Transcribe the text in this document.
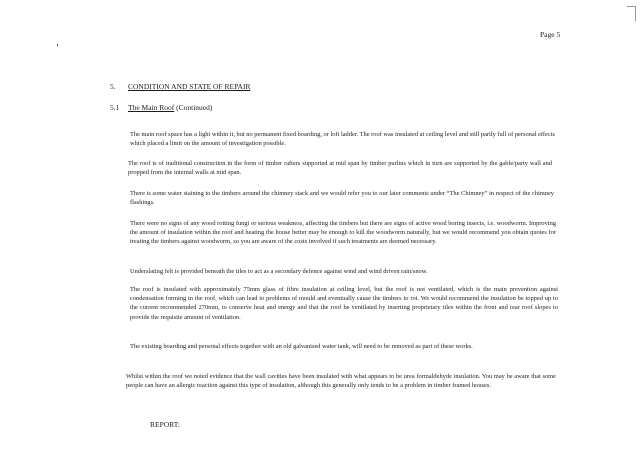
Page 5
5. CONDITION AND STATE OF REPAIR
5.1 The Main Roof (Continued)

The main roof space has a light within it, but no permanent fixed boarding, or loft ladder. The roof was insulated at ceiling level and still partly full of personal effects which placed a limit on the amount of investigation possible.

The roof is of traditional construction in the form of timber rafters supported at mid span by timber purlins which in turn are supported by the gable/party wall and propped from the internal walls at mid span.

There is some water staining to the timbers around the chimney stack and we would refer you to our later comments under “The Chimney” in respect of the chimney flashings.

There were no signs of any wood rotting fungi or serious weakness, affecting the timbers but there are signs of active wood boring insects, i.e. woodworm. Improving the amount of insulation within the roof and heating the house better may be enough to kill the woodworm naturally, but we would recommend you obtain quotes for treating the timbers against woodworm, so you are aware of the costs involved if such treatments are deemed necessary.

Underslating felt is provided beneath the tiles to act as a secondary defence against wind and wind driven rain/snow.

The roof is insulated with approximately 75mm glass of fibre insulation at ceiling level, but the roof is not ventilated, which is the main prevention against condensation forming in the roof, which can lead to problems of mould and eventually cause the timbers to rot. We would recommend the insulation be topped up to the current recommended 270mm, to conserve heat and energy and that the roof be ventilated by inserting proprietary tiles within the front and rear roof slopes to provide the requisite amount of ventilation.

The existing boarding and personal effects together with an old galvanised water tank, will need to be removed as part of these works.

Whilst within the roof we noted evidence that the wall cavities have been insulated with what appears to be urea formaldehyde insulation. You may be aware that some people can have an allergic reaction against this type of insulation, although this generally only tends to be a problem in timber framed houses.

REPORT:
